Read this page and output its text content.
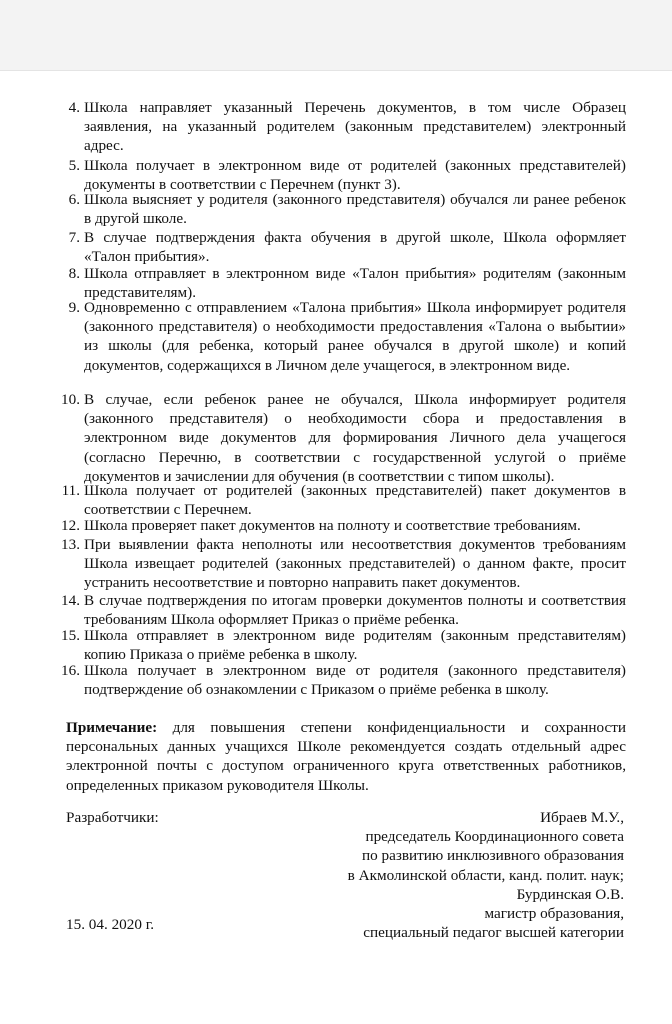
4. Школа направляет указанный Перечень документов, в том числе Образец заявления, на указанный родителем (законным представителем) электронный адрес.
5. Школа получает в электронном виде от родителей (законных представителей) документы в соответствии с Перечнем (пункт 3).
6. Школа выясняет у родителя (законного представителя) обучался ли ранее ребенок в другой школе.
7. В случае подтверждения факта обучения в другой школе, Школа оформляет «Талон прибытия».
8. Школа отправляет в электронном виде «Талон прибытия» родителям (законным представителям).
9. Одновременно с отправлением «Талона прибытия» Школа информирует родителя (законного представителя) о необходимости предоставления «Талона о выбытии» из школы (для ребенка, который ранее обучался в другой школе) и копий документов, содержащихся в Личном деле учащегося, в электронном виде.
10. В случае, если ребенок ранее не обучался, Школа информирует родителя (законного представителя) о необходимости сбора и предоставления в электронном виде документов для формирования Личного дела учащегося (согласно Перечню, в соответствии с государственной услугой о приёме документов и зачислении для обучения (в соответствии с типом школы).
11. Школа получает от родителей (законных представителей) пакет документов в соответствии с Перечнем.
12. Школа проверяет пакет документов на полноту и соответствие требованиям.
13. При выявлении факта неполноты или несоответствия документов требованиям Школа извещает родителей (законных представителей) о данном факте, просит устранить несоответствие и повторно направить пакет документов.
14. В случае подтверждения по итогам проверки документов полноты и соответствия требованиям Школа оформляет Приказ о приёме ребенка.
15. Школа отправляет в электронном виде родителям (законным представителям) копию Приказа о приёме ребенка в школу.
16. Школа получает в электронном виде от родителя (законного представителя) подтверждение об ознакомлении с Приказом о приёме ребенка в школу.
Примечание: для повышения степени конфиденциальности и сохранности персональных данных учащихся Школе рекомендуется создать отдельный адрес электронной почты с доступом ограниченного круга ответственных работников, определенных приказом руководителя Школы.
Разработчики:	Ибраев М.У.,
председатель Координационного совета
по развитию инклюзивного образования
в Акмолинской области, канд. полит. наук;
Бурдинская О.В.
магистр образования,
специальный педагог высшей категории
15. 04. 2020 г.
